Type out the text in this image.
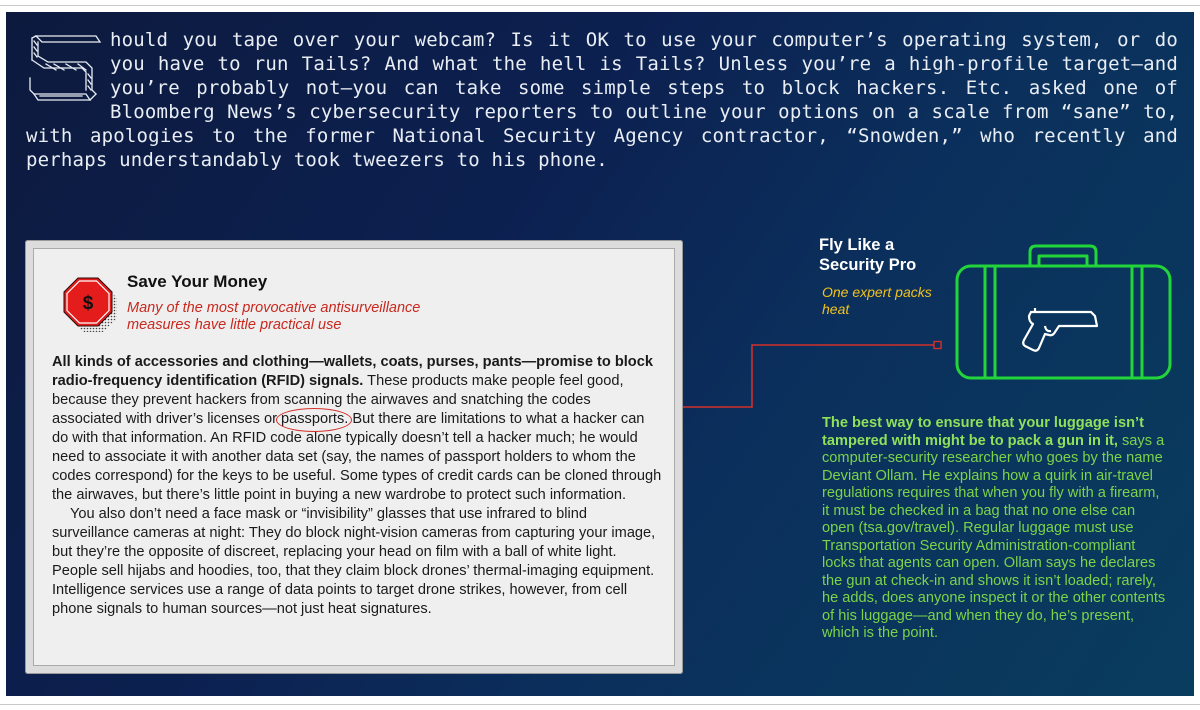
hould you tape over your webcam? Is it OK to use your computer’s operating system, or do you have to run Tails? And what the hell is Tails? Unless you’re a high-profile target—and you’re probably not—you can take some simple steps to block hackers. Etc. asked one of Bloomberg News’s cybersecurity reporters to outline your options on a scale from “sane” to, with apologies to the former National Security Agency contractor, “Snowden,” who recently and perhaps understandably took tweezers to his phone.
$
Save Your Money
Many of the most provocative antisurveillance measures have little practical use

All kinds of accessories and clothing—wallets, coats, purses, pants—promise to block radio-frequency identification (RFID) signals. These products make people feel good, because they prevent hackers from scanning the airwaves and snatching the codes associated with driver’s licenses or passports. But there are limitations to what a hacker can do with that information. An RFID code alone typically doesn’t tell a hacker much; he would need to associate it with another data set (say, the names of passport holders to whom the codes correspond) for the keys to be useful. Some types of credit cards can be cloned through the airwaves, but there’s little point in buying a new wardrobe to protect such information.

You also don’t need a face mask or “invisibility” glasses that use infrared to blind surveillance cameras at night: They do block night-vision cameras from capturing your image, but they’re the opposite of discreet, replacing your head on film with a ball of white light. People sell hijabs and hoodies, too, that they claim block drones’ thermal-imaging equipment. Intelligence services use a range of data points to target drone strikes, however, from cell phone signals to human sources—not just heat signatures.

Fly Like a Security Pro
One expert packs heat
The best way to ensure that your luggage isn’t tampered with might be to pack a gun in it, says a computer-security researcher who goes by the name Deviant Ollam. He explains how a quirk in air-travel regulations requires that when you fly with a firearm, it must be checked in a bag that no one else can open (tsa.gov/travel). Regular luggage must use Transportation Security Administration-compliant locks that agents can open. Ollam says he declares the gun at check-in and shows it isn’t loaded; rarely, he adds, does anyone inspect it or the other contents of his luggage—and when they do, he’s present, which is the point.
